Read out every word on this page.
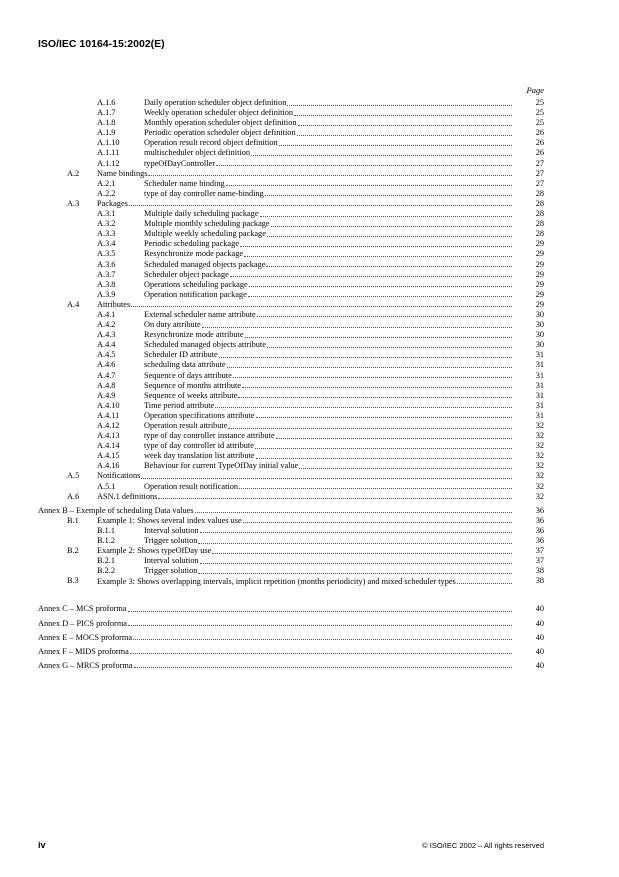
ISO/IEC 10164-15:2002(E)
Page
A.1.6	Daily operation scheduler object definition	25
A.1.7	Weekly operation scheduler object definition	25
A.1.8	Monthly operation scheduler object definition	25
A.1.9	Periodic operation scheduler object definition	26
A.1.10	Operation result record object definition	26
A.1.11	multischeduler object definition	26
A.1.12	typeOfDayController	27
A.2 Name bindings	27
A.2.1	Scheduler name binding	27
A.2.2	type of day controller name-binding	28
A.3 Packages	28
A.3.1	Multiple daily scheduling package	28
A.3.2	Multiple monthly scheduling package	28
A.3.3	Multiple weekly scheduling package	28
A.3.4	Periodic scheduling package	29
A.3.5	Resynchronize mode package	29
A.3.6	Scheduled managed objects package	29
A.3.7	Scheduler object package	29
A.3.8	Operations scheduling package	29
A.3.9	Operation notification package	29
A.4 Attributes	29
A.4.1	External scheduler name attribute	30
A.4.2	On duty attribute	30
A.4.3	Resynchronize mode attribute	30
A.4.4	Scheduled managed objects attribute	30
A.4.5	Scheduler ID attribute	31
A.4.6	scheduling data attribute	31
A.4.7	Sequence of days attribute	31
A.4.8	Sequence of months attribute	31
A.4.9	Sequence of weeks attribute	31
A.4.10	Time period attribute	31
A.4.11	Operation specifications attribute	31
A.4.12	Operation result attribute	32
A.4.13	type of day controller instance attribute	32
A.4.14	type of day controller id attribute	32
A.4.15	week day translation list attribute	32
A.4.16	Behaviour for current TypeOfDay initial value	32
A.5 Notifications	32
A.5.1	Operation result notification	32
A.6 ASN.1 definitions	32
Annex B – Exemple of scheduling Data values	36
B.1 Example 1: Shows several index values use	36
B.1.1	Interval solution	36
B.1.2	Trigger solution	36
B.2 Example 2: Shows typeOfDay use	37
B.2.1	Interval solution	37
B.2.2	Trigger solution	38
B.3 Example 3: Shows overlapping intervals, implicit repetition (months periodicity) and mixed scheduler types	38
Annex C – MCS proforma	40
Annex D – PICS proforma	40
Annex E – MOCS proforma	40
Annex F – MIDS proforma	40
Annex G – MRCS proforma	40
iv	© ISO/IEC 2002 – All rights reserved
